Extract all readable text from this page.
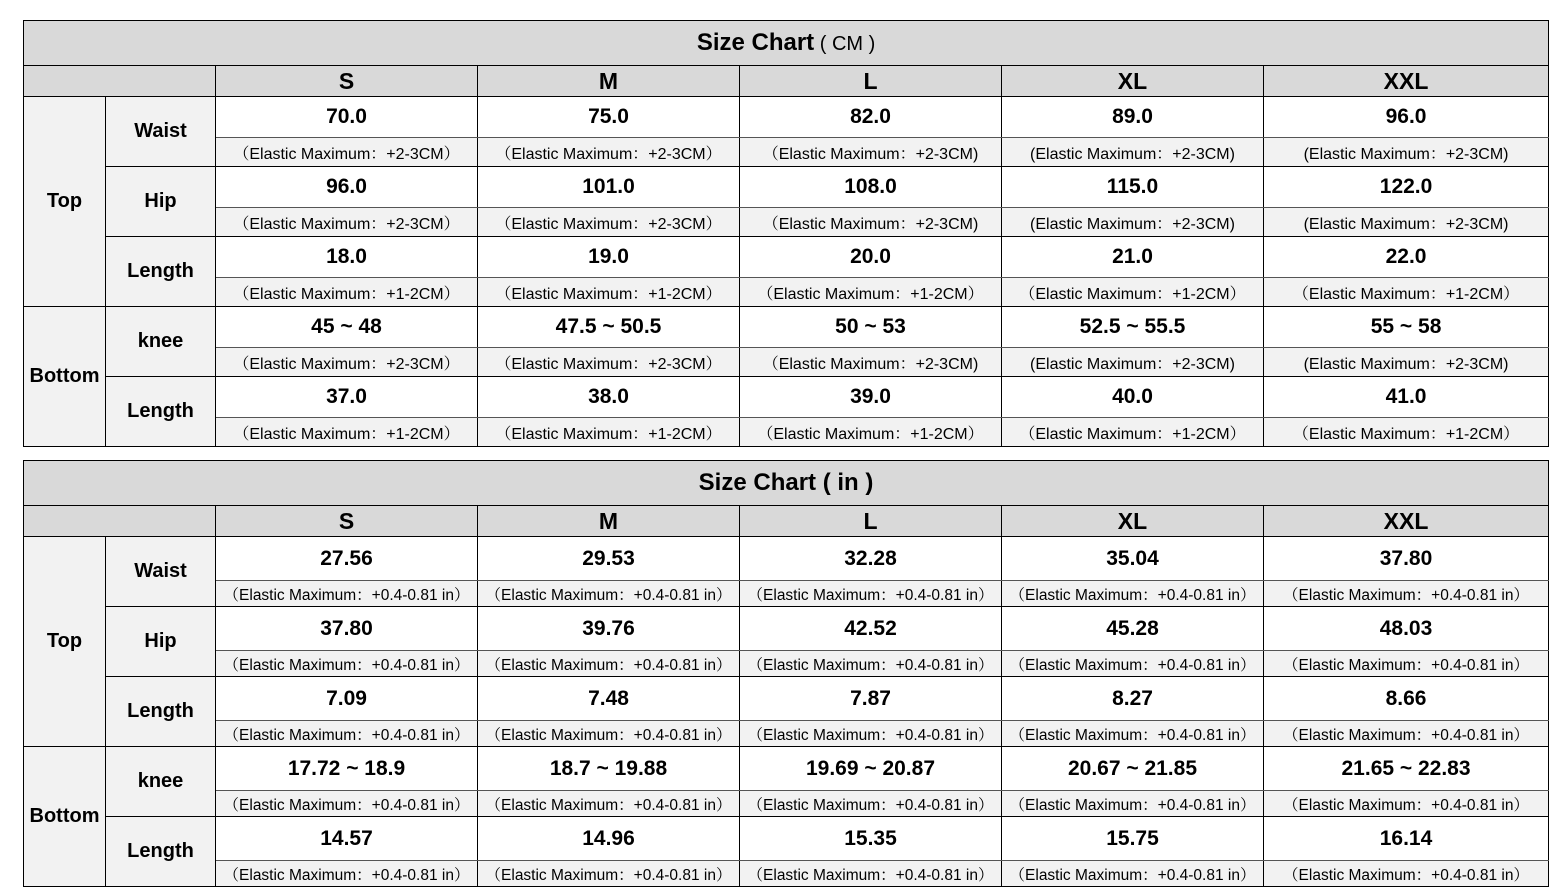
Size Chart ( CM )						
		S	M	L	XL	XXL
Top	Waist	70.0	75.0	82.0	89.0	96.0
		（Elastic Maximum：+2-3CM）	（Elastic Maximum：+2-3CM）	（Elastic Maximum：+2-3CM)	(Elastic Maximum：+2-3CM)	(Elastic Maximum：+2-3CM)
	Hip	96.0	101.0	108.0	115.0	122.0
		（Elastic Maximum：+2-3CM）	（Elastic Maximum：+2-3CM）	（Elastic Maximum：+2-3CM)	(Elastic Maximum：+2-3CM)	(Elastic Maximum：+2-3CM)
	Length	18.0	19.0	20.0	21.0	22.0
		（Elastic Maximum：+1-2CM）	（Elastic Maximum：+1-2CM）	（Elastic Maximum：+1-2CM）	（Elastic Maximum：+1-2CM）	（Elastic Maximum：+1-2CM）
Bottom	knee	45 ~ 48	47.5 ~ 50.5	50 ~ 53	52.5 ~ 55.5	55 ~ 58
		（Elastic Maximum：+2-3CM）	（Elastic Maximum：+2-3CM）	（Elastic Maximum：+2-3CM)	(Elastic Maximum：+2-3CM)	(Elastic Maximum：+2-3CM)
	Length	37.0	38.0	39.0	40.0	41.0
		（Elastic Maximum：+1-2CM）	（Elastic Maximum：+1-2CM）	（Elastic Maximum：+1-2CM）	（Elastic Maximum：+1-2CM）	（Elastic Maximum：+1-2CM）
Size Chart ( in )						
		S	M	L	XL	XXL
Top	Waist	27.56	29.53	32.28	35.04	37.80
		（Elastic Maximum：+0.4-0.81 in）	（Elastic Maximum：+0.4-0.81 in）	（Elastic Maximum：+0.4-0.81 in）	（Elastic Maximum：+0.4-0.81 in）	（Elastic Maximum：+0.4-0.81 in）
	Hip	37.80	39.76	42.52	45.28	48.03
		（Elastic Maximum：+0.4-0.81 in）	（Elastic Maximum：+0.4-0.81 in）	（Elastic Maximum：+0.4-0.81 in）	（Elastic Maximum：+0.4-0.81 in）	（Elastic Maximum：+0.4-0.81 in）
	Length	7.09	7.48	7.87	8.27	8.66
		（Elastic Maximum：+0.4-0.81 in）	（Elastic Maximum：+0.4-0.81 in）	（Elastic Maximum：+0.4-0.81 in）	（Elastic Maximum：+0.4-0.81 in）	（Elastic Maximum：+0.4-0.81 in）
Bottom	knee	17.72 ~ 18.9	18.7 ~ 19.88	19.69 ~ 20.87	20.67 ~ 21.85	21.65 ~ 22.83
		（Elastic Maximum：+0.4-0.81 in）	（Elastic Maximum：+0.4-0.81 in）	（Elastic Maximum：+0.4-0.81 in）	（Elastic Maximum：+0.4-0.81 in）	（Elastic Maximum：+0.4-0.81 in）
	Length	14.57	14.96	15.35	15.75	16.14
		（Elastic Maximum：+0.4-0.81 in）	（Elastic Maximum：+0.4-0.81 in）	（Elastic Maximum：+0.4-0.81 in）	（Elastic Maximum：+0.4-0.81 in）	（Elastic Maximum：+0.4-0.81 in）
